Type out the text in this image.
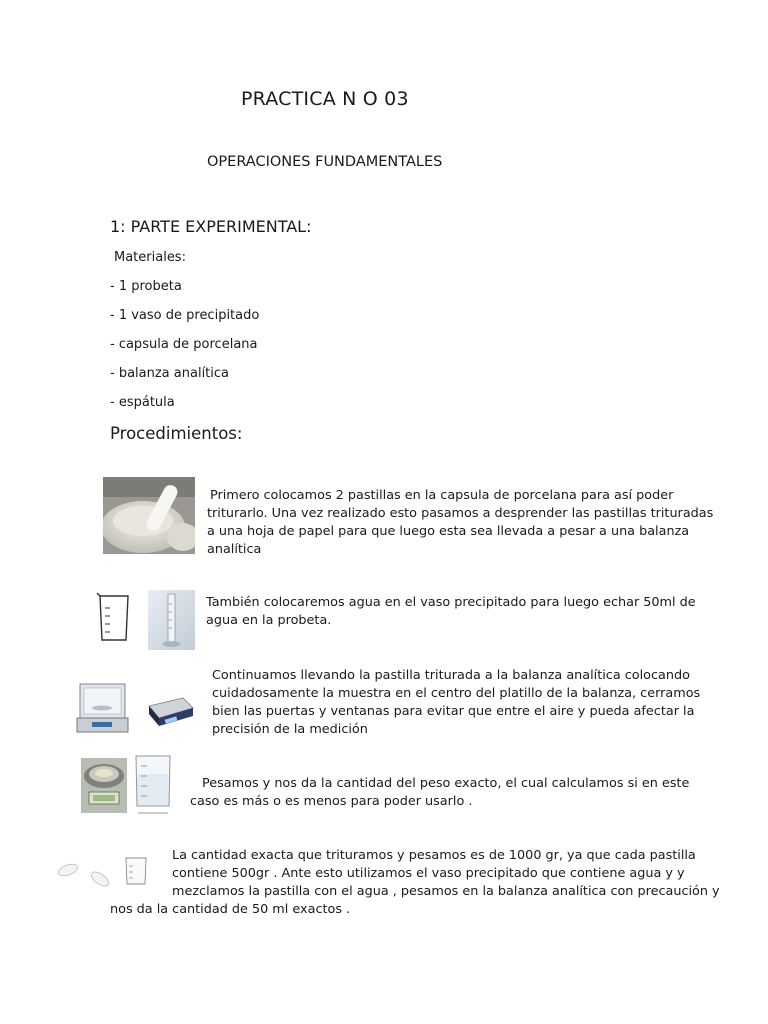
PRACTICA N O 03
OPERACIONES FUNDAMENTALES
1: PARTE EXPERIMENTAL:
Materiales:
- 1 probeta
- 1 vaso de precipitado
- capsula de porcelana
- balanza analítica
- espátula
Procedimientos:
Primero colocamos 2 pastillas en la capsula de porcelana para así poder
triturarlo. Una vez realizado esto pasamos a desprender las pastillas trituradas
a una hoja de papel para que luego esta sea llevada a pesar a una balanza
analítica
También colocaremos agua en el vaso precipitado para luego echar 50ml de
agua en la probeta.
Continuamos llevando la pastilla triturada a la balanza analítica colocando
cuidadosamente la muestra en el centro del platillo de la balanza, cerramos
bien las puertas y ventanas para evitar que entre el aire y pueda afectar la
precisión de la medición
Pesamos y nos da la cantidad del peso exacto, el cual calculamos si en este
caso es más o es menos para poder usarlo .
La cantidad exacta que trituramos y pesamos es de 1000 gr, ya que cada pastilla
contiene 500gr . Ante esto utilizamos el vaso precipitado que contiene agua y y
mezclamos la pastilla con el agua , pesamos en la balanza analítica con precaución y
nos da la cantidad de 50 ml exactos .
